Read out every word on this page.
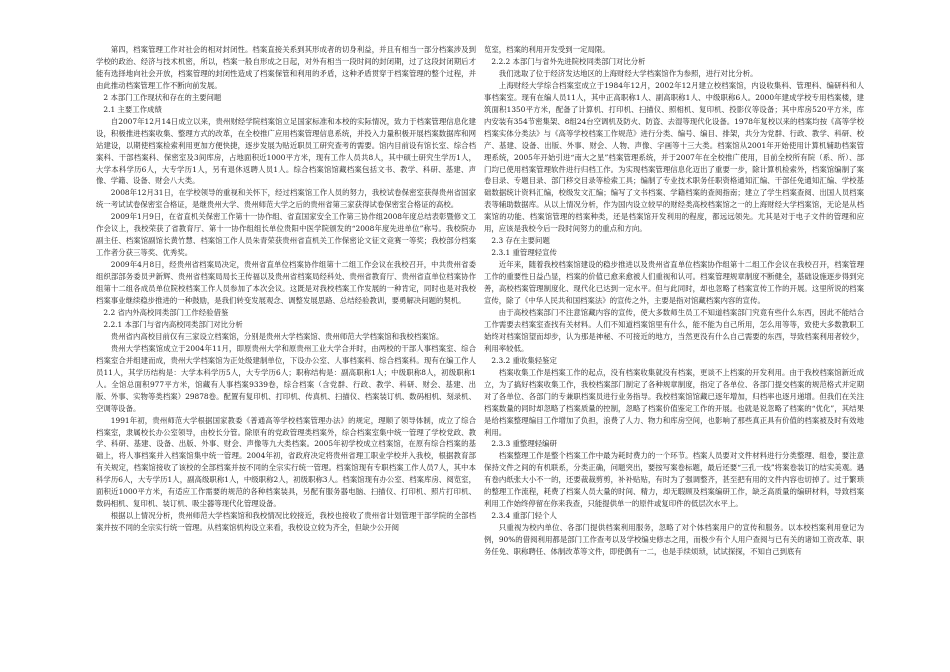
第四，档案管理工作对社会的相对封闭性。档案直接关系到其形成者的切身利益，并且有相当一部分档案涉及到学校的政治、经济与技术机密，所以，档案一般自形成之日起，对外有相当一段时间的封闭期，过了这段封闭期后才能有选择地向社会开放，档案管理的封闭性造成了档案保管和利用的矛盾，这种矛盾贯穿于档案管理的整个过程，并由此推动档案管理工作不断向前发展。

2 本部门工作现状和存在的主要问题
2.1 主要工作成绩

自2007年12月14日成立以来，贵州财经学院档案馆立足国家标准和本校的实际情况，致力于档案管理信息化建设，积极推进档案收集、整理方式的改革，在全校推广应用档案管理信息系统，并投入力量积极开展档案数据库和网站建设，以期使档案检索利用更加方便快捷，逐步发展为贴近职员工研究查考的需要。馆内目前设有馆长室、综合档案科、干部档案科、保密室及3间库房，占地面积近1000平方米，现有工作人员共8人，其中硕士研究生学历1人，大学本科学历6人，大专学历1人，另有退休返聘人员1人。综合档案馆馆藏档案包括文书、教学、科研、基建、声像、学籍、设备、财会八大类。

2008年12月31日，在学校领导的重视和关怀下，经过档案馆工作人员的努力，我校试卷保密室获得贵州省国家统一考试试卷保密室合格证，是继贵州大学、贵州师范大学之后的贵州省第三家获得试卷保密室合格证的高校。

2009年1月9日，在省直机关保密工作第十一协作组、省直国家安全工作第三协作组2008年度总结表彰暨修文工作会议上，我校荣获了省教育厅、第十一协作组组长单位贵阳中医学院颁发的“2008年度先进单位”称号。我校院办副主任、档案馆副馆长黄竹慧、档案馆工作人员朱青荣获贵州省直机关工作保密论文征文竞赛一等奖；我校部分档案工作者分获三等奖、优秀奖。

2009年4月8日，经贵州省档案局决定，贵州省直单位档案协作组第十二组工作会议在我校召开，中共贵州省委组织部部务委员尹新辉、贵州省档案局局长王传福以及贵州省档案局经科处、贵州省教育厅、贵州省直单位档案协作组第十二组各成员单位院校档案工作人员参加了本次会议。这既是对我校档案工作发展的一种肯定，同时也是对我校档案事业继续稳步推进的一种鼓励，是我们转变发展观念、调整发展思路、总结经验教训，要勇解决问题的契机。

2.2 省内外高校同类部门工作经验借鉴
2.2.1 本部门与省内高校同类部门对比分析

贵州省内高校目前仅有三家设立档案馆，分别是贵州大学档案馆、贵州师范大学档案馆和我校档案馆。

贵州大学档案馆成立于2004年11月，即原贵州大学和原贵州工业大学合并时，由两校的干部人事档案室、综合档案室合并组建而成，贵州大学档案馆为正处级建制单位，下设办公室、人事档案科、综合档案科。现有在编工作人员11人，其学历结构是：大学本科学历5人，大专学历6人；职称结构是：副高职称1人；中级职称8人，初级职称1人。全馆总面积977平方米，馆藏有人事档案9339卷，综合档案（含党群、行政、教学、科研、财会、基建、出版、外事、实物等类档案）29878卷。配置有复印机、打印机、传真机、扫描仪、档案装订机、数码相机、刻录机、空调等设备。

1991年初，贵州师范大学根据国家教委《普通高等学校档案管理办法》的规定，理顺了领导体制，成立了综合档案室，隶属校长办公室领导，由校长分管。除原有的党政管理类档案外，综合档案室集中统一管理了学校党政、教学、科研、基建、设备、出版、外事、财会、声像等九大类档案。2005年初学校成立档案馆，在原有综合档案的基础上，将人事档案并入档案馆集中统一管理。2004年初，省政府决定将贵州省理工职业学校并入我校，根据教育部有关规定，档案馆接收了该校的全部档案并按不同的全宗实行统一管理。档案馆现有专职档案工作人员7人，其中本科学历6人，大专学历1人，副高级职称1人，中级职称2人，初级职称3人。档案馆现有办公室、档案库房、阅览室，面积近1000平方米，有适应工作需要的规范的各种档案装具，另配有服务器电脑、扫描仪、打印机、照片打印机、数码相机、复印机、装订机、吸尘器等现代化管理设备。

根据以上情况分析，贵州师范大学档案馆和我校情况比较接近，我校也接收了贵州省计划管理干部学院的全部档案并按不同的全宗实行统一管理。从档案馆机构设立来看，我校设立较为齐全，但缺少公开阅

览室，档案的利用开发受到一定局限。

2.2.2 本部门与省外先进院校同类部门对比分析

我们选取了位于经济发达地区的上海财经大学档案馆作为参照，进行对比分析。

上海财经大学综合档案室成立于1984年12月，2002年12月建立校档案馆，内设收集科、管理科、编研科和人事档案室。现有在编人员11人，其中正高职称1人、副高职称1人、中级职称6人。2000年建成学校专用档案楼，建筑面积1350平方米，配备了计算机、打印机、扫描仪、照相机、复印机、投影仪等设备；其中库房520平方米，库内安装有354节密集架、8组24台空调机及防火、防盗、去湿等现代化设备。1978年复校以来的档案均按《高等学校档案实体分类法》与《高等学校档案工作规范》进行分类、编号、编目、排架，共分为党群、行政、教学、科研、校产、基建、设备、出版、外事、财会、人物、声像、字画等十三大类。档案馆从2001年开始使用计算机辅助档案管理系统，2005年开始引进“南大之星”档案管理系统，并于2007年在全校推广使用，目前全校所有院（系、所）、部门均已使用档案管理软件进行归档工作。为实现档案管理信息化迈出了重要一步，除计算机检索外，档案馆编制了案卷目录、专题目录、部门移交目录等检索工具；编制了专业技术职务任职资格通知汇编、干部任免通知汇编、学校基础数据统计资料汇编，校级发文汇编；编写了文书档案、学籍档案的查阅指南；建立了学生档案查阅、出国人员档案表等辅助数据库。从以上情况分析，作为国内设立较早的财经类高校档案馆之一的上海财经大学档案馆，无论是从档案馆的功能、档案馆管理的档案种类，还是档案馆开发利用的程度，都远远领先。尤其是对于电子文件的管理和应用，应该是我校今后一段时间努力的重点和方向。

2.3 存在主要问题
2.3.1 重管理轻宣传

近年来，随着我校档案馆建设的稳步推进以及贵州省直单位档案协作组第十二组工作会议在我校召开，档案管理工作的重要性日益凸显，档案的价值已愈来愈被人们重视和认可。档案管理规章制度不断健全，基础设施逐步得到完善，高校档案管理制度化、现代化已达到一定水平。但与此同时，却也忽略了档案宣传工作的开展。这里所说的档案宣传，除了《中华人民共和国档案法》的宣传之外，主要是指对馆藏档案内容的宣传。

由于高校档案部门不注意馆藏内容的宣传，使大多数师生员工不知道档案部门究竟有些什么东西，因此不能结合工作需要去档案室查找有关材料。人们不知道档案馆里有什么，能不能为自己所用，怎么用等等，致使大多数教职工始终对档案馆望而却步，认为那是神秘、不可接近的地方，当然更没有什么自己需要的东西，导致档案利用者较少，利用率较低。

2.3.2 重收集轻鉴定

档案收集工作是档案工作的起点，没有档案收集就没有档案，更谈不上档案的开发利用。由于我校档案馆新近成立，为了搞好档案收集工作，我校档案部门制定了各种规章制度，指定了各单位、各部门提交档案的规范格式并定期对了各单位、各部门的专兼职档案员进行业务指导。我校档案馆馆藏已逐年增加，归档率也逐月递增。但我们在关注档案数量的同时却忽略了档案质量的控制，忽略了档案价值鉴定工作的开展。也就是说忽略了档案的“优化”，其结果是给档案整理编目工作增加了负担，浪费了人力、物力和库房空间，也影响了那些真正具有价值的档案被及时有效地利用。

2.3.3 重整理轻编研

档案整理工作是整个档案工作中最为耗时费力的一个环节。档案人员要对文件材料进行分类整理、组卷，要注意保持文件之间的有机联系，分类正确，问题突出，要按写案卷标题，最后还要“三孔一线”将案卷装订的结实美观。遇有卷内纸张大小不一的，还要裁裁剪剪，补补贴贴，有时为了强调整齐，甚至把有用的文件内容也切掉了。过于繁琐的整理工作流程，耗费了档案人员大量的时间、精力，却无暇顾及档案编研工作，缺乏高质量的编研材料，导致档案利用工作始终停留在你来我查，只能提供单一的原件或复印件的低层次水平上。

2.3.4 重部门轻个人

只重视为校内单位、各部门提供档案利用服务，忽略了对个体档案用户的宣传和服务。以本校档案利用登记为例，90%的借阅利用都是部门工作查考以及学校编史修志之用，而极少有个人用户查阅与已有关的诸如工资改革、职务任免、职称聘任、体制改革等文件，即使偶有一二，也是手续烦琐，试试探探，不知自己到底有
